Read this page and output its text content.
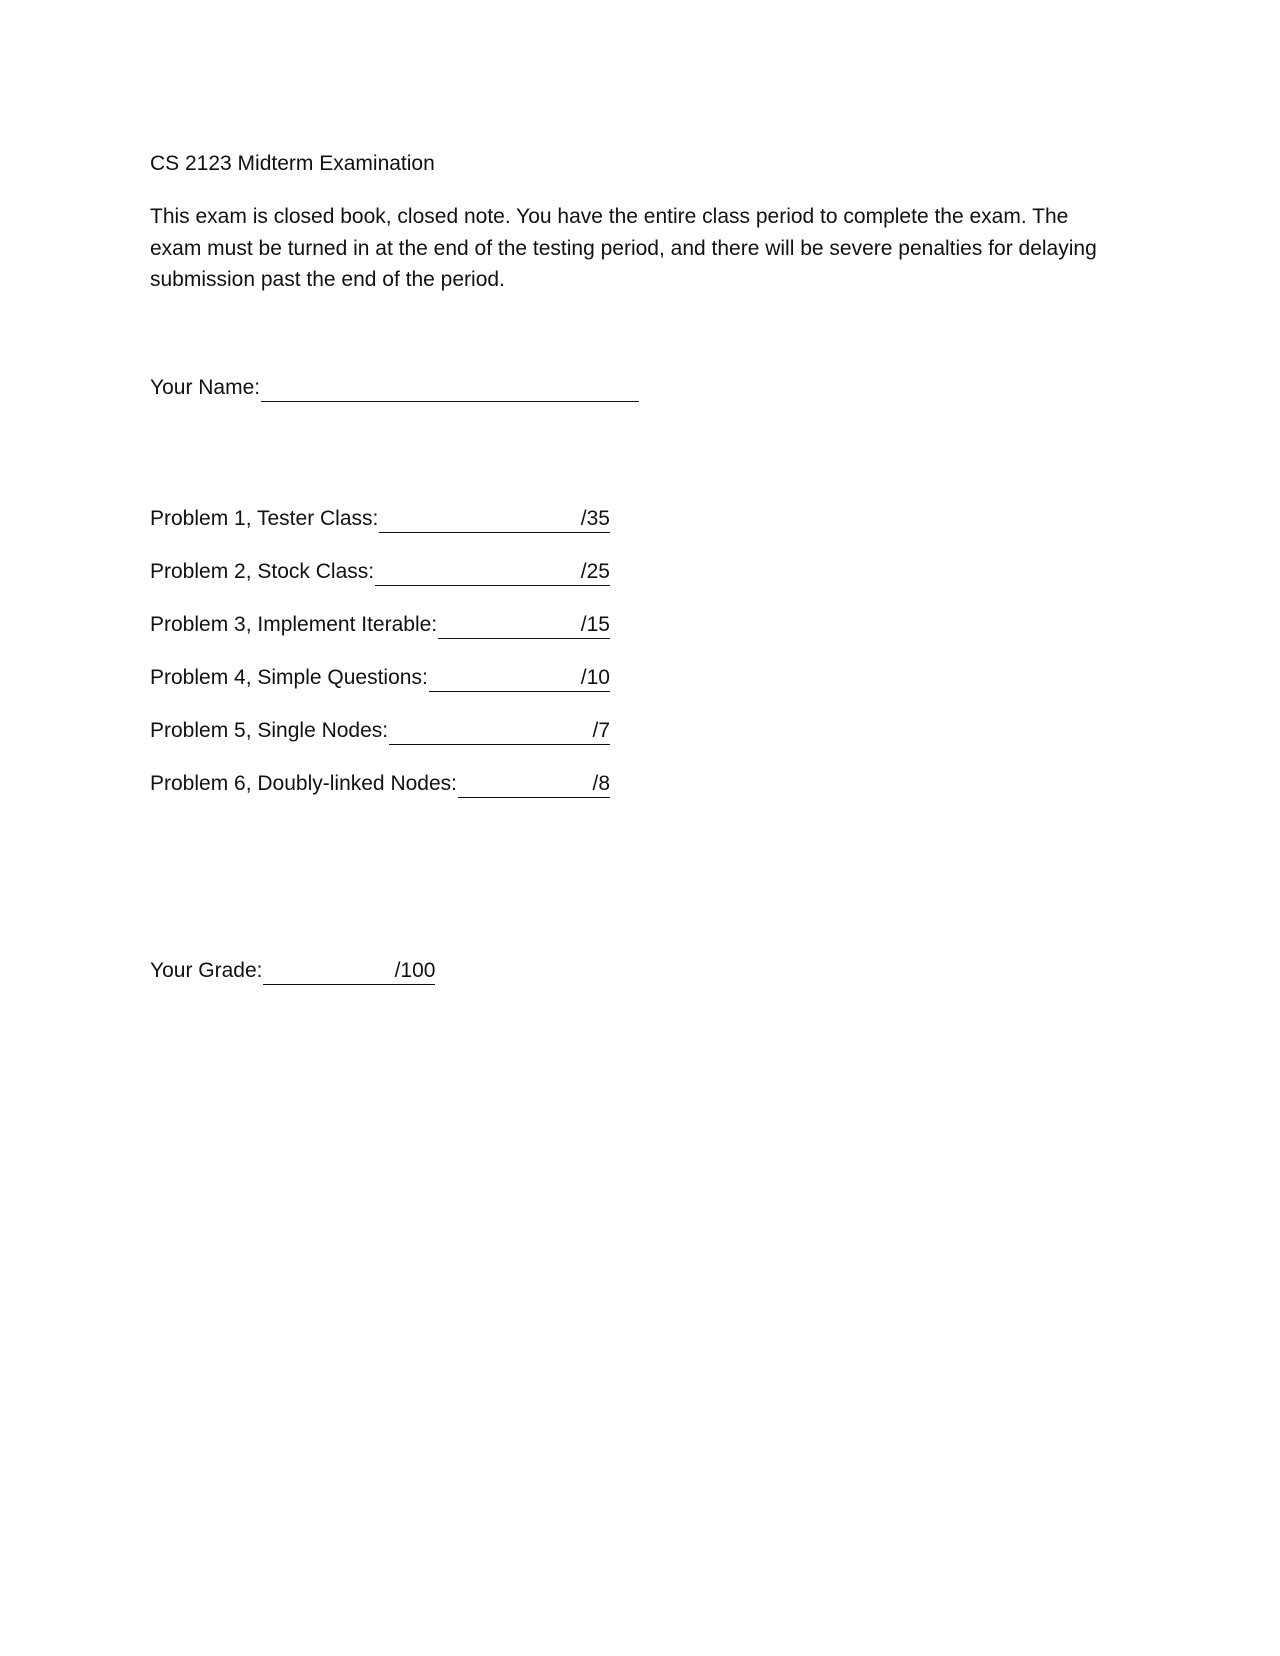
CS 2123 Midterm Examination
This exam is closed book, closed note. You have the entire class period to complete the exam. The
exam must be turned in at the end of the testing period, and there will be severe penalties for delaying
submission past the end of the period.
Your Name:
Problem 1, Tester Class:	/35
Problem 2, Stock Class:	/25
Problem 3, Implement Iterable:	/15
Problem 4, Simple Questions:	/10
Problem 5, Single Nodes:	/7
Problem 6, Doubly-linked Nodes:	/8
Your Grade:	/100
